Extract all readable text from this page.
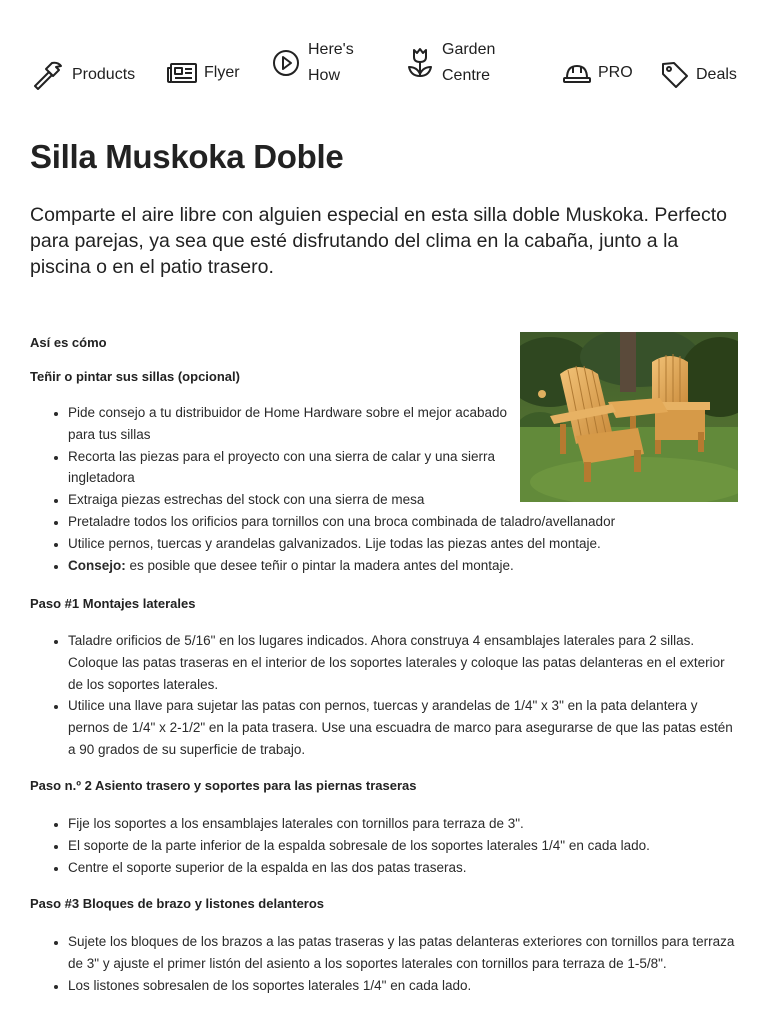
Products	Flyer
Here's
How
Garden
Centre	PRO	Deals
Silla Muskoka Doble

Comparte el aire libre con alguien especial en esta silla doble Muskoka. Perfecto para parejas, ya sea que esté disfrutando del clima en la cabaña, junto a la piscina o en el patio trasero.

Así es cómo
Teñir o pintar sus sillas (opcional)
• Pide consejo a tu distribuidor de Home Hardware sobre el mejor acabado para tus sillas
• Recorta las piezas para el proyecto con una sierra de calar y una sierra ingletadora
• Extraiga piezas estrechas del stock con una sierra de mesa
• Pretaladre todos los orificios para tornillos con una broca combinada de taladro/avellanador
• Utilice pernos, tuercas y arandelas galvanizados. Lije todas las piezas antes del montaje.
• Consejo: es posible que desee teñir o pintar la madera antes del montaje.
Paso #1 Montajes laterales
• Taladre orificios de 5/16" en los lugares indicados. Ahora construya 4 ensamblajes laterales para 2 sillas. Coloque las patas traseras en el interior de los soportes laterales y coloque las patas delanteras en el exterior de los soportes laterales.
• Utilice una llave para sujetar las patas con pernos, tuercas y arandelas de 1/4" x 3" en la pata delantera y pernos de 1/4" x 2-1/2" en la pata trasera. Use una escuadra de marco para asegurarse de que las patas estén a 90 grados de su superficie de trabajo.
Paso n.º 2 Asiento trasero y soportes para las piernas traseras
• Fije los soportes a los ensamblajes laterales con tornillos para terraza de 3".
• El soporte de la parte inferior de la espalda sobresale de los soportes laterales 1/4" en cada lado.
• Centre el soporte superior de la espalda en las dos patas traseras.
Paso #3 Bloques de brazo y listones delanteros
• Sujete los bloques de los brazos a las patas traseras y las patas delanteras exteriores con tornillos para terraza de 3" y ajuste el primer listón del asiento a los soportes laterales con tornillos para terraza de 1-5/8".
• Los listones sobresalen de los soportes laterales 1/4" en cada lado.
